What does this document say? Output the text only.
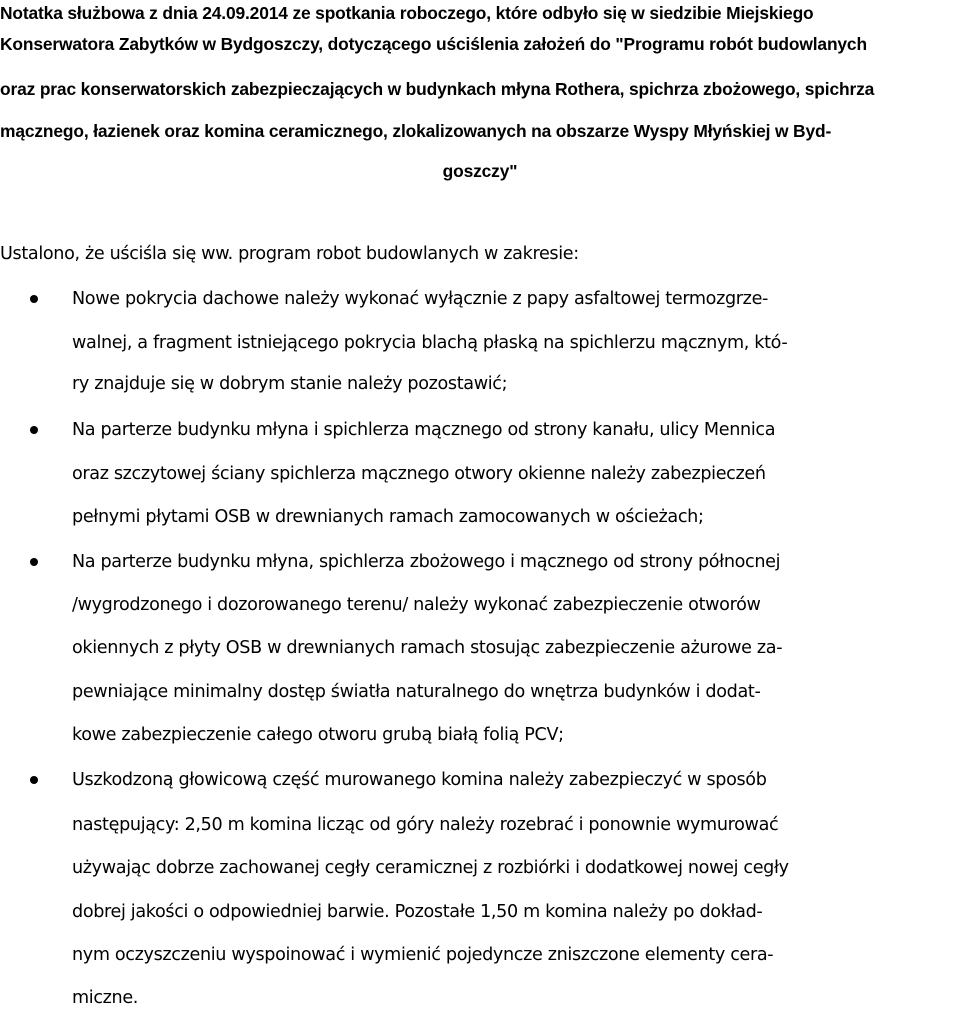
Notatka służbowa z dnia 24.09.2014 ze spotkania roboczego, które odbyło się w siedzibie Miejskiego
Konserwatora Zabytków w Bydgoszczy, dotyczącego uściślenia założeń do "Programu robót budowlanych
oraz prac konserwatorskich zabezpieczających w budynkach młyna Rothera, spichrza zbożowego, spichrza
mącznego, łazienek oraz komina ceramicznego, zlokalizowanych na obszarze Wyspy Młyńskiej w Byd-
goszczy"
Ustalono, że uściśla się ww. program robot budowlanych w zakresie:
Nowe pokrycia dachowe należy wykonać wyłącznie z papy asfaltowej termozgrze-
walnej, a fragment istniejącego pokrycia blachą płaską na spichlerzu mącznym, któ-
ry znajduje się w dobrym stanie należy pozostawić;
Na parterze budynku młyna i spichlerza mącznego od strony kanału, ulicy Mennica
oraz szczytowej ściany spichlerza mącznego otwory okienne należy zabezpieczeń
pełnymi płytami OSB w drewnianych ramach zamocowanych w ościeżach;
Na parterze budynku młyna, spichlerza zbożowego i mącznego od strony północnej
/wygrodzonego i dozorowanego terenu/ należy wykonać zabezpieczenie otworów
okiennych z płyty OSB w drewnianych ramach stosując zabezpieczenie ażurowe za-
pewniające minimalny dostęp światła naturalnego do wnętrza budynków i dodat-
kowe zabezpieczenie całego otworu grubą białą folią PCV;
Uszkodzoną głowicową część murowanego komina należy zabezpieczyć w sposób
następujący: 2,50 m komina licząc od góry należy rozebrać i ponownie wymurować
używając dobrze zachowanej cegły ceramicznej z rozbiórki i dodatkowej nowej cegły
dobrej jakości o odpowiedniej barwie. Pozostałe 1,50 m komina należy po dokład-
nym oczyszczeniu wyspoinować i wymienić pojedyncze zniszczone elementy cera-
miczne.
